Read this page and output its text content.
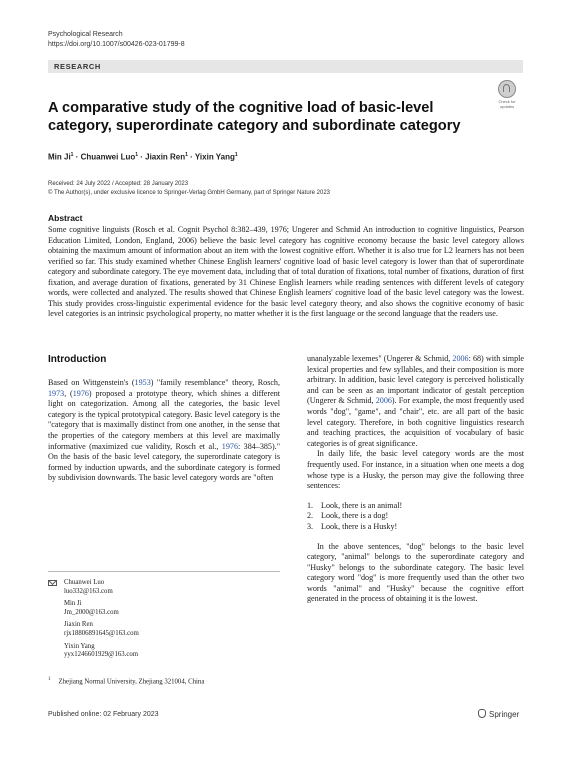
Psychological Research
https://doi.org/10.1007/s00426-023-01799-8
RESEARCH
Check for
updates
A comparative study of the cognitive load of basic-level category, superordinate category and subordinate category
Min $Ji^1$ · Chuanwei Luo$^1$ · Jiaxin Ren$^1$ · Yixin Yang$^1$
Received: 24 July 2022 / Accepted: 28 January 2023
© The Author(s), under exclusive licence to Springer-Verlag GmbH Germany, part of Springer Nature 2023
Abstract

Some cognitive linguists (Rosch et al. Cognit Psychol 8:382–439, 1976; Ungerer and Schmid An introduction to cognitive linguistics, Pearson Education Limited, London, England, 2006) believe the basic level category has cognitive economy because the basic level category allows obtaining the maximum amount of information about an item with the lowest cognitive effort. Whether it is also true for L2 learners has not been verified so far. This study examined whether Chinese English learners' cognitive load of basic level category is lower than that of superordinate category and subordinate category. The eye movement data, including that of total duration of fixations, total number of fixations, duration of first fixation, and average duration of fixations, generated by 31 Chinese English learners while reading sentences with different levels of category words, were collected and analyzed. The results showed that Chinese English learners' cognitive load of the basic level category was the lowest. This study provides cross-linguistic experimental evidence for the basic level category theory, and also shows the cognitive economy of basic level categories is an intrinsic psychological property, no matter whether it is the first language or the second language that the readers use.

Introduction

Based on Wittgenstein's (1953) "family resemblance" theory, Rosch, 1973, (1976) proposed a prototype theory, which shines a different light on categorization. Among all the categories, the basic level category is the typical prototypical category. Basic level category is the "category that is maximally distinct from one another, in the sense that the properties of the category members at this level are maximally informative (maximized cue validity, Rosch et al., 1976: 384–385)." On the basis of the basic level category, the superordinate category is formed by induction upwards, and the subordinate category is formed by subdivision downwards. The basic level category words are "often

unanalyzable lexemes" (Ungerer & Schmid, 2006: 68) with simple lexical properties and few syllables, and their composition is more arbitrary. In addition, basic level category is perceived holistically and can be seen as an important indicator of gestalt perception (Ungerer & Schmid, 2006). For example, the most frequently used words "dog", "game", and "chair", etc. are all part of the basic level category. Therefore, in both cognitive linguistics research and teaching practices, the acquisition of vocabulary of basic categories is of great significance.

In daily life, the basic level category words are the most frequently used. For instance, in a situation when one meets a dog whose type is a Husky, the person may give the following three sentences:

1. Look, there is an animal!
2. Look, there is a dog!
3. Look, there is a Husky!

In the above sentences, "dog" belongs to the basic level category, "animal" belongs to the superordinate category and "Husky" belongs to the subordinate category. The basic level category word "dog" is more frequently used than the other two words "animal" and "Husky" because the cognitive effort generated in the process of obtaining it is the lowest.

Chuanwei Luo
luo332@163.com
Min Ji
Jm_2000@163.com
Jiaxin Ren
rjx18806891645@163.com
Yixin Yang
yyx1246601929@163.com
$^1$ Zhejiang Normal University, Zhejiang 321004, China
Published online: 02 February 2023	Springer
